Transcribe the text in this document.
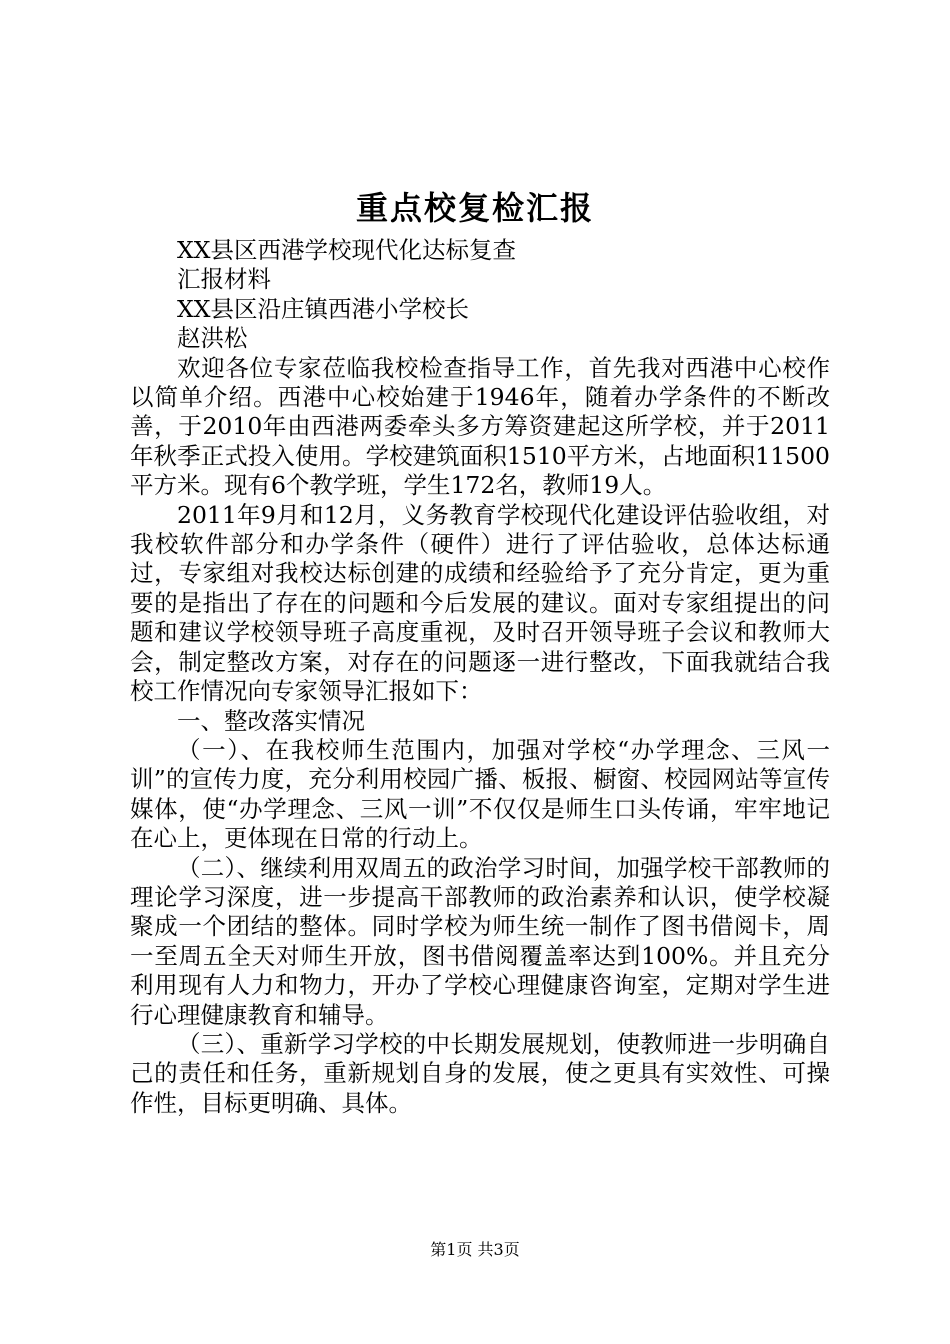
重点校复检汇报

XX县区西港学校现代化达标复查

汇报材料

XX县区沿庄镇西港小学校长

赵洪松

欢迎各位专家莅临我校检查指导工作，首先我对西港中心校作以简单介绍。西港中心校始建于1946年，随着办学条件的不断改善，于2010年由西港两委牵头多方筹资建起这所学校，并于2011年秋季正式投入使用。学校建筑面积1510平方米，占地面积11500平方米。现有6个教学班，学生172名，教师19人。

2011年9月和12月，义务教育学校现代化建设评估验收组，对我校软件部分和办学条件（硬件）进行了评估验收，总体达标通过，专家组对我校达标创建的成绩和经验给予了充分肯定，更为重要的是指出了存在的问题和今后发展的建议。面对专家组提出的问题和建议学校领导班子高度重视，及时召开领导班子会议和教师大会，制定整改方案，对存在的问题逐一进行整改，下面我就结合我校工作情况向专家领导汇报如下：

一、整改落实情况

（一）、在我校师生范围内，加强对学校“办学理念、三风一训”的宣传力度，充分利用校园广播、板报、橱窗、校园网站等宣传媒体，使“办学理念、三风一训”不仅仅是师生口头传诵，牢牢地记在心上，更体现在日常的行动上。

（二）、继续利用双周五的政治学习时间，加强学校干部教师的理论学习深度，进一步提高干部教师的政治素养和认识，使学校凝聚成一个团结的整体。同时学校为师生统一制作了图书借阅卡，周一至周五全天对师生开放，图书借阅覆盖率达到100%。并且充分利用现有人力和物力，开办了学校心理健康咨询室，定期对学生进行心理健康教育和辅导。

（三）、重新学习学校的中长期发展规划，使教师进一步明确自己的责任和任务，重新规划自身的发展，使之更具有实效性、可操作性，目标更明确、具体。

第1页 共3页
